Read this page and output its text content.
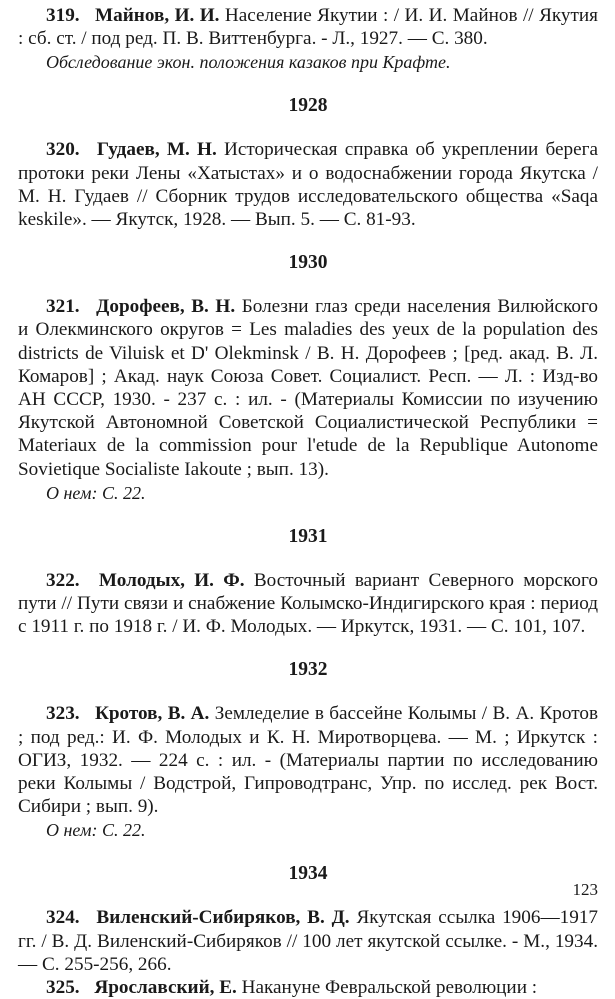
319. Майнов, И. И. Население Якутии : / И. И. Майнов // Якутия : сб. ст. / под ред. П. В. Виттенбурга. - Л., 1927. — С. 380.

Обследование экон. положения казаков при Крафте.
1928

320. Гудаев, М. Н. Историческая справка об укреплении берега протоки реки Лены «Хатыстах» и о водоснабжении города Якутска / М. Н. Гудаев // Сборник трудов исследовательского общества «Saqa keskile». — Якутск, 1928. — Вып. 5. — С. 81-93.

1930

321. Дорофеев, В. Н. Болезни глаз среди населения Вилюйского и Олекминского округов = Les maladies des yeux de la population des districts de Viluisk et D' Olekminsk / В. Н. Дорофеев ; [ред. акад. В. Л. Комаров] ; Акад. наук Союза Совет. Социалист. Респ. — Л. : Изд-во АН СССР, 1930. - 237 с. : ил. - (Материалы Комиссии по изучению Якутской Автономной Советской Социалистической Республики = Materiaux de la commission pour l'etude de la Republique Autonome Sovietique Socialiste Iakoute ; вып. 13).

О нем: С. 22.
1931

322. Молодых, И. Ф. Восточный вариант Северного морского пути // Пути связи и снабжение Колымско-Индигирского края : период с 1911 г. по 1918 г. / И. Ф. Молодых. — Иркутск, 1931. — С. 101, 107.

1932

323. Кротов, В. А. Земледелие в бассейне Колымы / В. А. Кротов ; под ред.: И. Ф. Молодых и К. Н. Миротворцева. — М. ; Иркутск : ОГИЗ, 1932. — 224 с. : ил. - (Материалы партии по исследованию реки Колымы / Водстрой, Гипроводтранс, Упр. по исслед. рек Вост. Сибири ; вып. 9).

О нем: С. 22.
1934

324. Виленский-Сибиряков, В. Д. Якутская ссылка 1906—1917 гг. / В. Д. Виленский-Сибиряков // 100 лет якутской ссылке. - М., 1934. — С. 255-256, 266.

325. Ярославский, Е. Накануне Февральской революции :

123
